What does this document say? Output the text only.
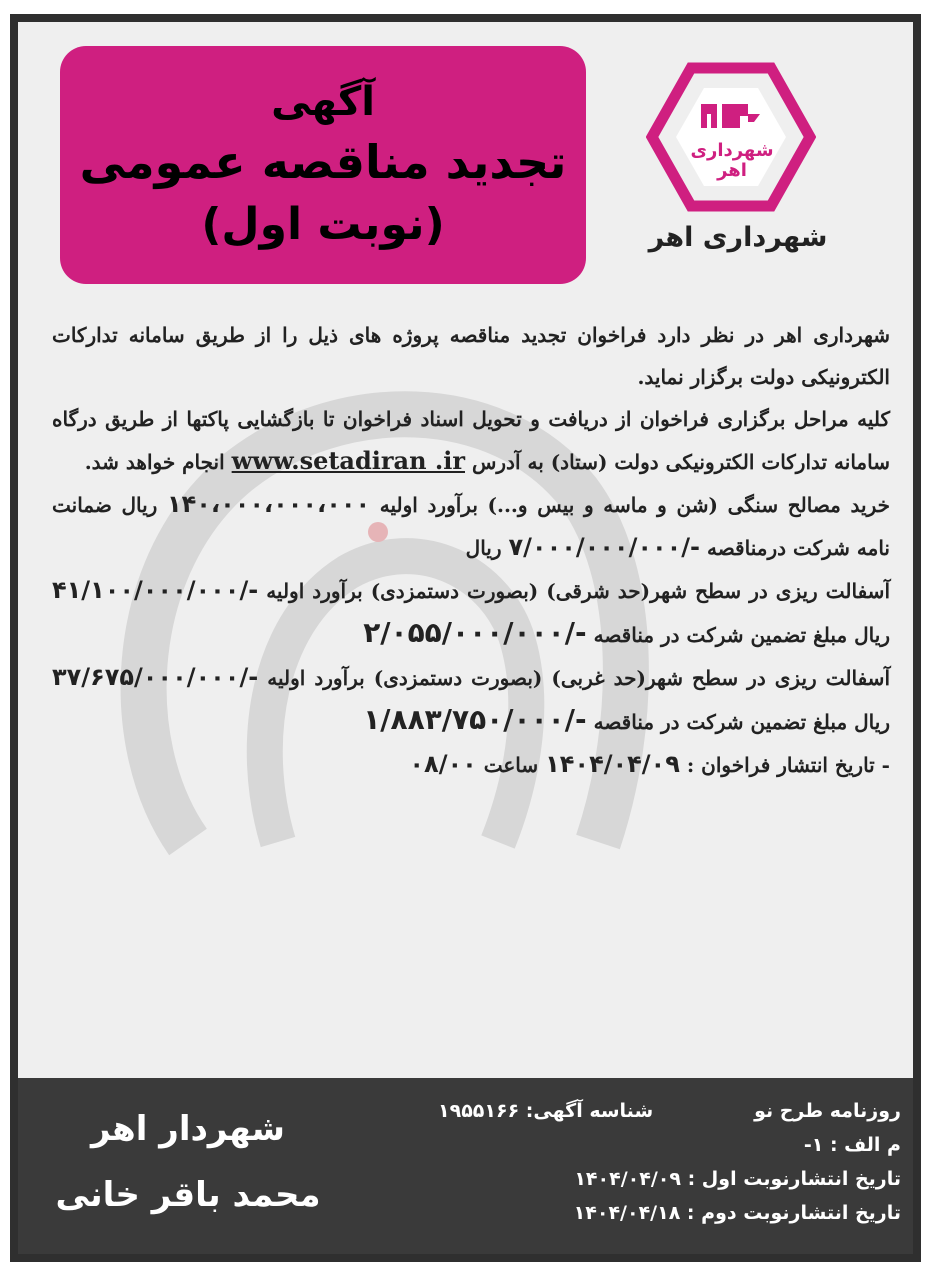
آگهی
تجدید مناقصه عمومی
(نوبت اول)
شهرداری
اهر
شهرداری اهر

شهرداری اهر در نظر دارد فراخوان تجدید مناقصه پروژه های ذیل را از طریق سامانه تدارکات الکترونیکی دولت برگزار نماید.

کلیه مراحل برگزاری فراخوان از دریافت و تحویل اسناد فراخوان تا بازگشایی پاکتها از طریق درگاه سامانه تدارکات الکترونیکی دولت (ستاد) به آدرس www.setadiran .ir انجام خواهد شد.

خرید مصالح سنگی (شن و ماسه و بیس و...) برآورد اولیه ۱۴۰،۰۰۰،۰۰۰،۰۰۰ ریال ضمانت نامه شرکت درمناقصه -/۷/۰۰۰/۰۰۰/۰۰۰ ریال

آسفالت ریزی در سطح شهر(حد شرقی) (بصورت دستمزدی) برآورد اولیه -/۴۱/۱۰۰/۰۰۰/۰۰۰ ریال مبلغ تضمین شرکت در مناقصه -/۲/۰۵۵/۰۰۰/۰۰۰

آسفالت ریزی در سطح شهر(حد غربی) (بصورت دستمزدی) برآورد اولیه -/۳۷/۶۷۵/۰۰۰/۰۰۰ ریال مبلغ تضمین شرکت در مناقصه -/۱/۸۸۳/۷۵۰/۰۰۰

- تاریخ انتشار فراخوان : ۱۴۰۴/۰۴/۰۹ ساعت ۰۸/۰۰

روزنامه طرح نو
م الف : ۱-
تاریخ انتشارنوبت اول : ۱۴۰۴/۰۴/۰۹
تاریخ انتشارنوبت دوم : ۱۴۰۴/۰۴/۱۸
شناسه آگهی: ۱۹۵۵۱۶۶
شهردار اهر
محمد باقر خانی
